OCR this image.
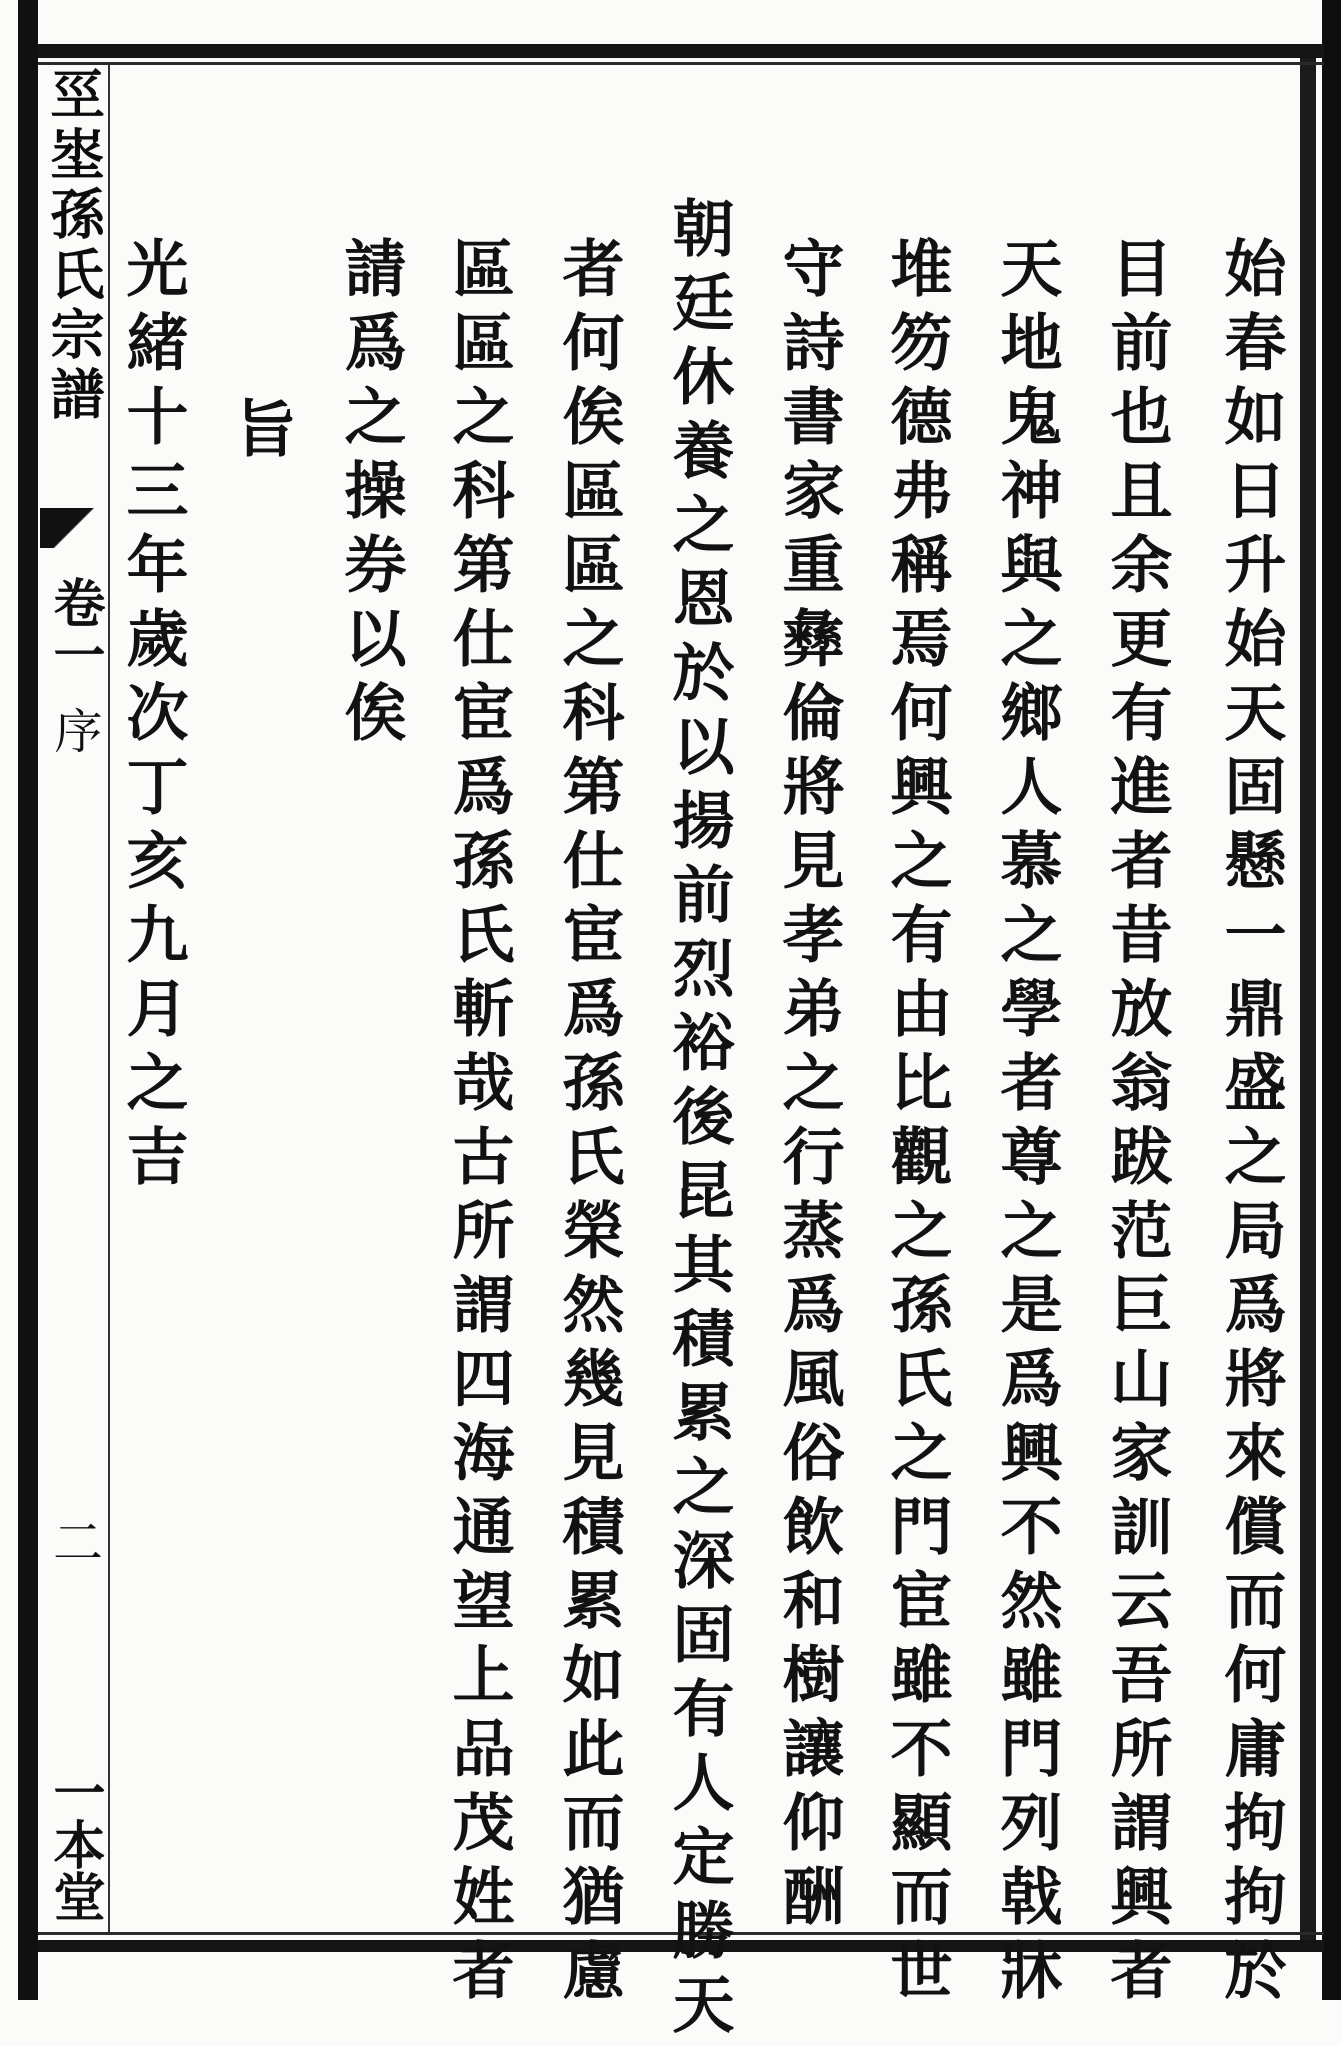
巠埊孫氏宗譜
卷一
序
二
一本堂	始春如日升始天固懸一鼎盛之局爲將來償而何庸拘拘於
目前也且余更有進者昔放翁跋范巨山家訓云吾所謂興者
天地鬼神與之鄉人慕之學者尊之是爲興不然雖門列戟牀
堆笏德弗稱焉何興之有由比觀之孫氏之門宦雖不顯而世
守詩書家重彝倫將見孝弟之行蒸爲風俗飲和樹讓仰酬
朝廷休養之恩於以揚前烈裕後昆其積累之深固有人定勝天
者何俟區區之科第仕宦爲孫氏榮然幾見積累如此而猶慮
區區之科第仕宦爲孫氏斬哉古所謂四海通望上品茂姓者
請爲之操券以俟
旨
光緒十三年歲次丁亥九月之吉
